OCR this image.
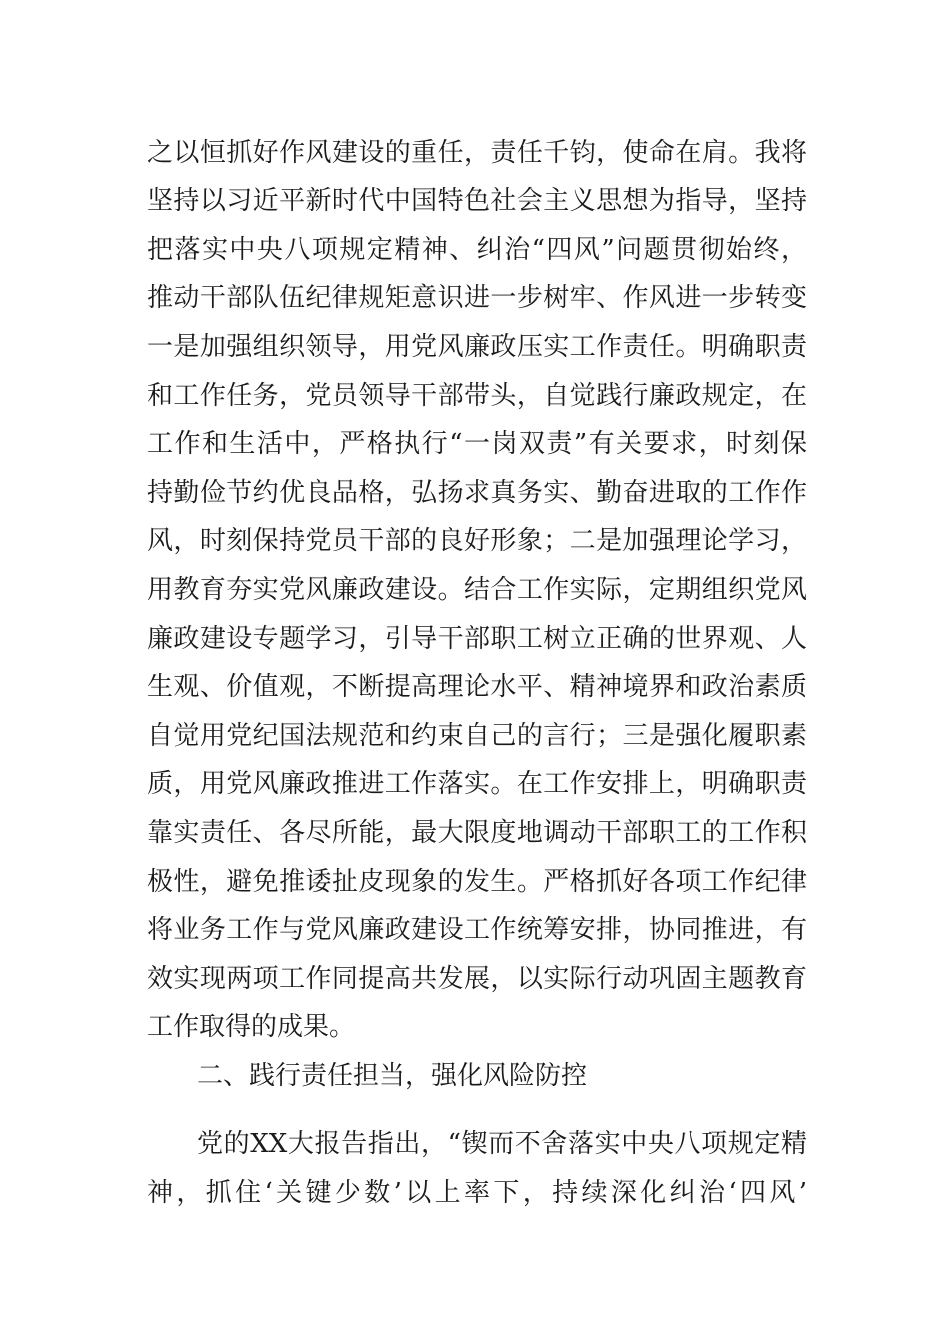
之以恒抓好作风建设的重任，责任千钧，使命在肩。我将
坚持以习近平新时代中国特色社会主义思想为指导，坚持
把落实中央八项规定精神、纠治“四风”问题贯彻始终，
推动干部队伍纪律规矩意识进一步树牢、作风进一步转变
一是加强组织领导，用党风廉政压实工作责任。明确职责
和工作任务，党员领导干部带头，自觉践行廉政规定，在
工作和生活中，严格执行“一岗双责”有关要求，时刻保
持勤俭节约优良品格，弘扬求真务实、勤奋进取的工作作
风，时刻保持党员干部的良好形象；二是加强理论学习，
用教育夯实党风廉政建设。结合工作实际，定期组织党风
廉政建设专题学习，引导干部职工树立正确的世界观、人
生观、价值观，不断提高理论水平、精神境界和政治素质
自觉用党纪国法规范和约束自己的言行；三是强化履职素
质，用党风廉政推进工作落实。在工作安排上，明确职责
靠实责任、各尽所能，最大限度地调动干部职工的工作积
极性，避免推诿扯皮现象的发生。严格抓好各项工作纪律
将业务工作与党风廉政建设工作统筹安排，协同推进，有
效实现两项工作同提高共发展，以实际行动巩固主题教育
工作取得的成果。
二、践行责任担当，强化风险防控
党的XX大报告指出，“锲而不舍落实中央八项规定精
神，抓住‘关键少数’以上率下，持续深化纠治‘四风’
